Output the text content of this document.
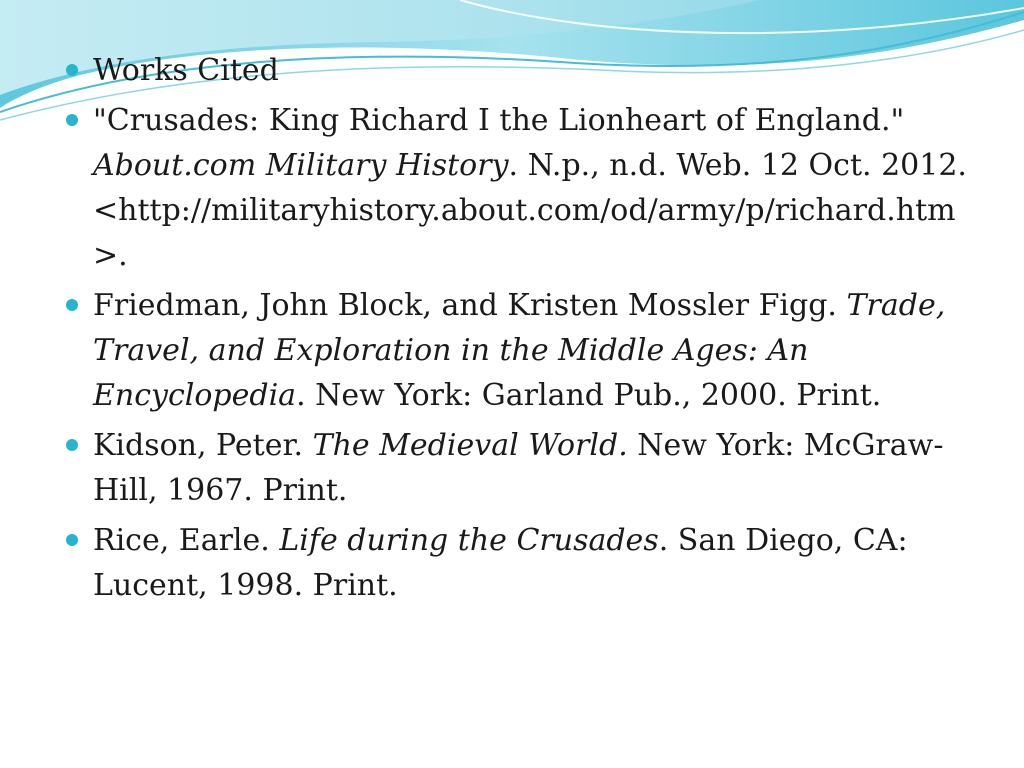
Works Cited
"Crusades: King Richard I the Lionheart of England." About.com Military History. N.p., n.d. Web. 12 Oct. 2012. <http://militaryhistory.about.com/od/army/p/richard.htm>.
Friedman, John Block, and Kristen Mossler Figg. Trade, Travel, and Exploration in the Middle Ages: An Encyclopedia. New York: Garland Pub., 2000. Print.
Kidson, Peter. The Medieval World. New York: McGraw-Hill, 1967. Print.
Rice, Earle. Life during the Crusades. San Diego, CA: Lucent, 1998. Print.
